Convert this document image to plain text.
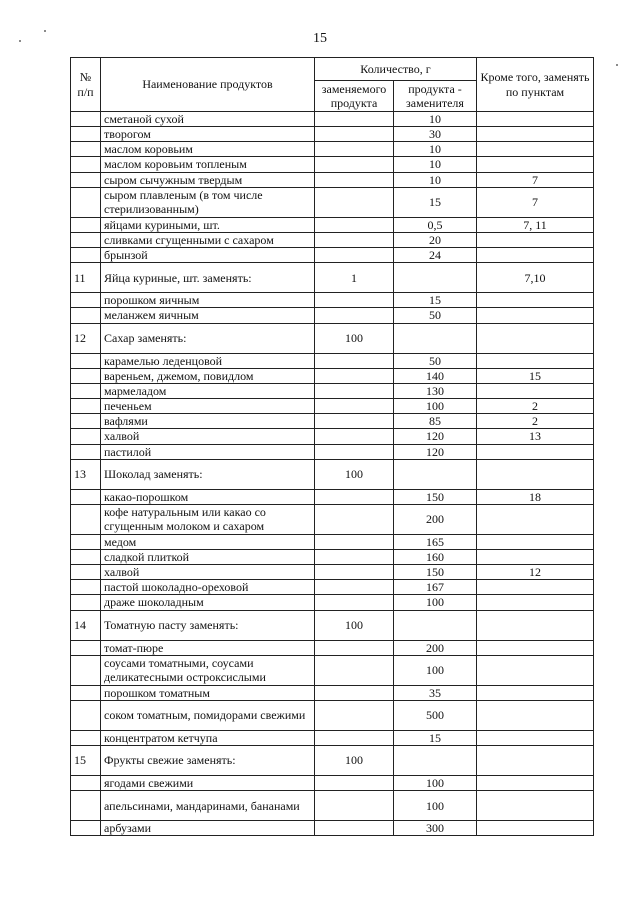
15
№ п/п	Наименование продуктов	Количество, г		Кроме того, заменять по пунктам
		заменяемого продукта	продукта - заменителя	
	сметаной сухой		10	
	творогом		30	
	маслом коровьим		10	
	маслом коровьим топленым		10	
	сыром сычужным твердым		10	7
	сыром плавленым (в том числе стерилизованным)		15	7
	яйцами куриными, шт.		0,5	7, 11
	сливками сгущенными с сахаром		20	
	брынзой		24	
11	Яйца куриные, шт. заменять:	1		7,10
	порошком яичным		15	
	меланжем яичным		50	
12	Сахар заменять:	100		
	карамелью леденцовой		50	
	вареньем, джемом, повидлом		140	15
	мармеладом		130	
	печеньем		100	2
	вафлями		85	2
	халвой		120	13
	пастилой		120	
13	Шоколад заменять:	100		
	какао-порошком		150	18
	кофе натуральным или какао со сгущенным молоком и сахаром		200	
	медом		165	
	сладкой плиткой		160	
	халвой		150	12
	пастой шоколадно-ореховой		167	
	драже шоколадным		100	
14	Томатную пасту заменять:	100		
	томат-пюре		200	
	соусами томатными, соусами деликатесными остроксислыми		100	
	порошком томатным		35	
	соком томатным, помидорами свежими		500	
	концентратом кетчупа		15	
15	Фрукты свежие заменять:	100		
	ягодами свежими		100	
	апельсинами, мандаринами, бананами		100	
	арбузами		300	
